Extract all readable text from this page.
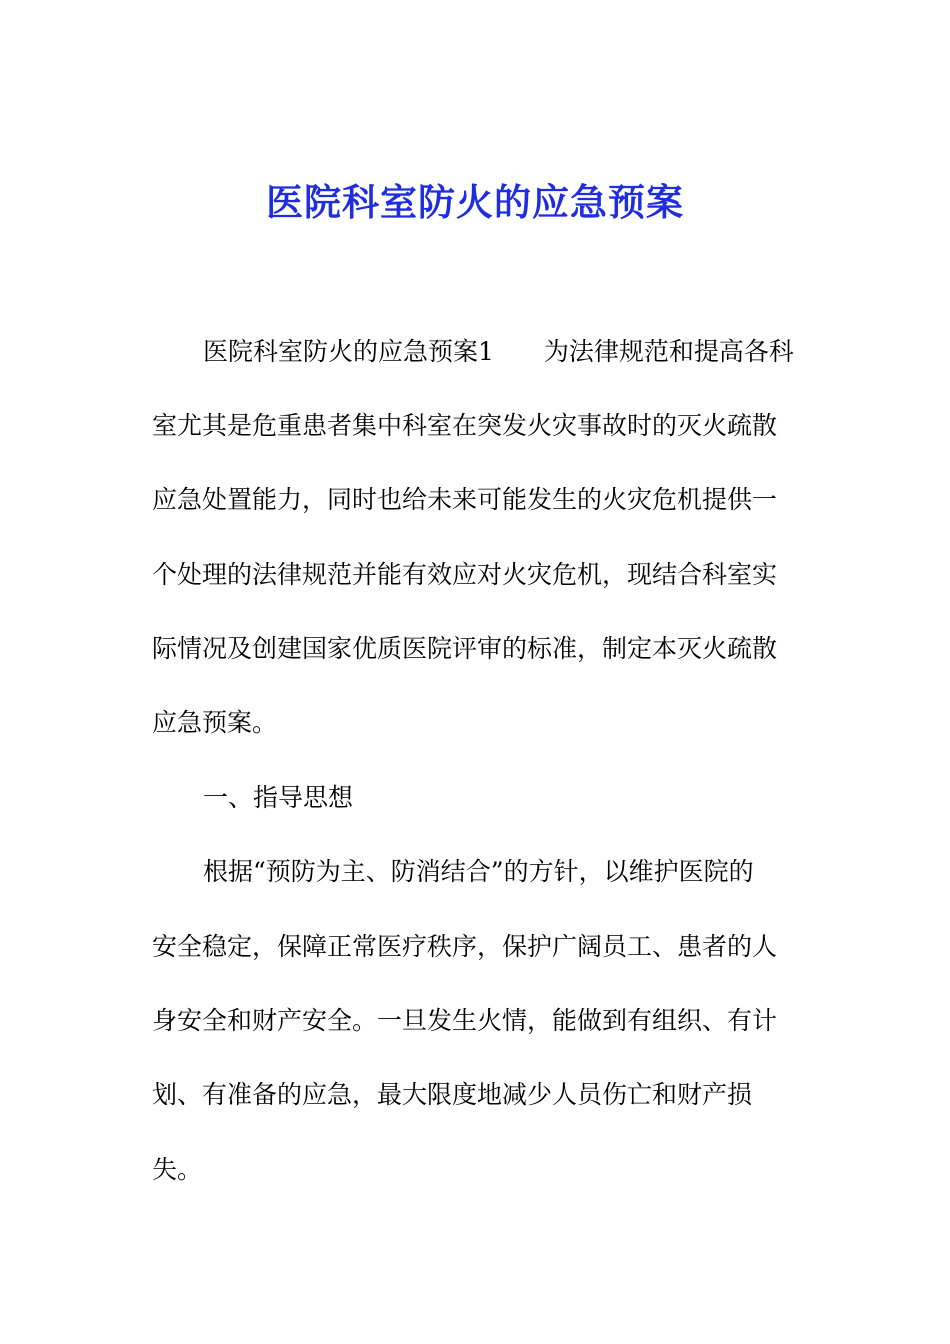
医院科室防火的应急预案

医院科室防火的应急预案1 为法律规范和提高各科

室尤其是危重患者集中科室在突发火灾事故时的灭火疏散

应急处置能力，同时也给未来可能发生的火灾危机提供一

个处理的法律规范并能有效应对火灾危机，现结合科室实

际情况及创建国家优质医院评审的标准，制定本灭火疏散

应急预案。

一、指导思想

根据“预防为主、防消结合”的方针，以维护医院的

安全稳定，保障正常医疗秩序，保护广阔员工、患者的人

身安全和财产安全。一旦发生火情，能做到有组织、有计

划、有准备的应急，最大限度地减少人员伤亡和财产损

失。
